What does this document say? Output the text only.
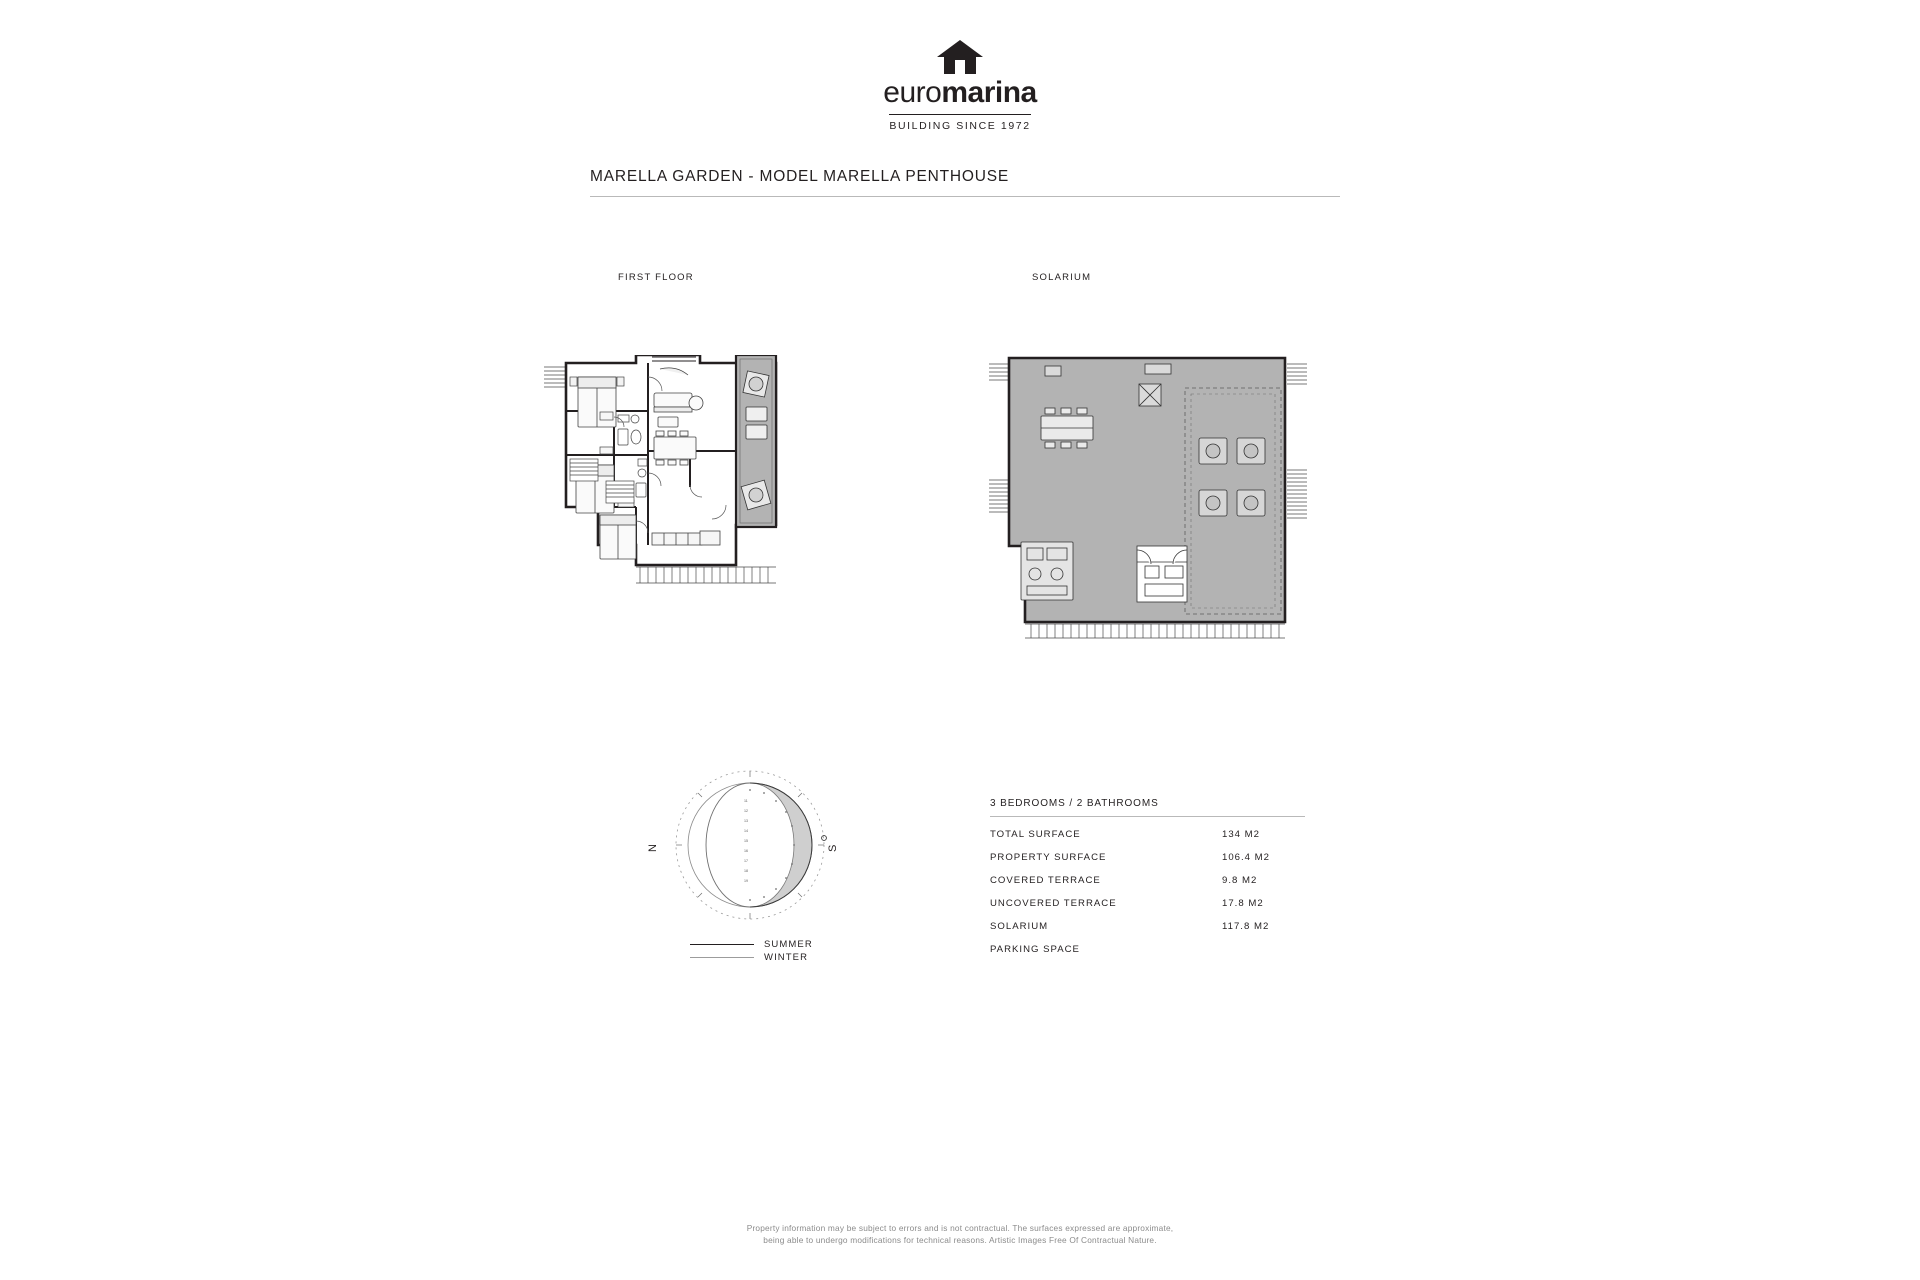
euromarina
BUILDING SINCE 1972
MARELLA GARDEN - MODEL MARELLA PENTHOUSE
FIRST FLOOR	SOLARIUM
11
12
13
14
15
16
17
18
19
N	S
SUMMER
WINTER
3 BEDROOMS / 2 BATHROOMS
TOTAL SURFACE	134 M2
PROPERTY SURFACE	106.4 M2
COVERED TERRACE	9.8 M2
UNCOVERED TERRACE	17.8 M2
SOLARIUM	117.8 M2
PARKING SPACE
Property information may be subject to errors and is not contractual. The surfaces expressed are approximate,
being able to undergo modifications for technical reasons. Artistic Images Free Of Contractual Nature.
